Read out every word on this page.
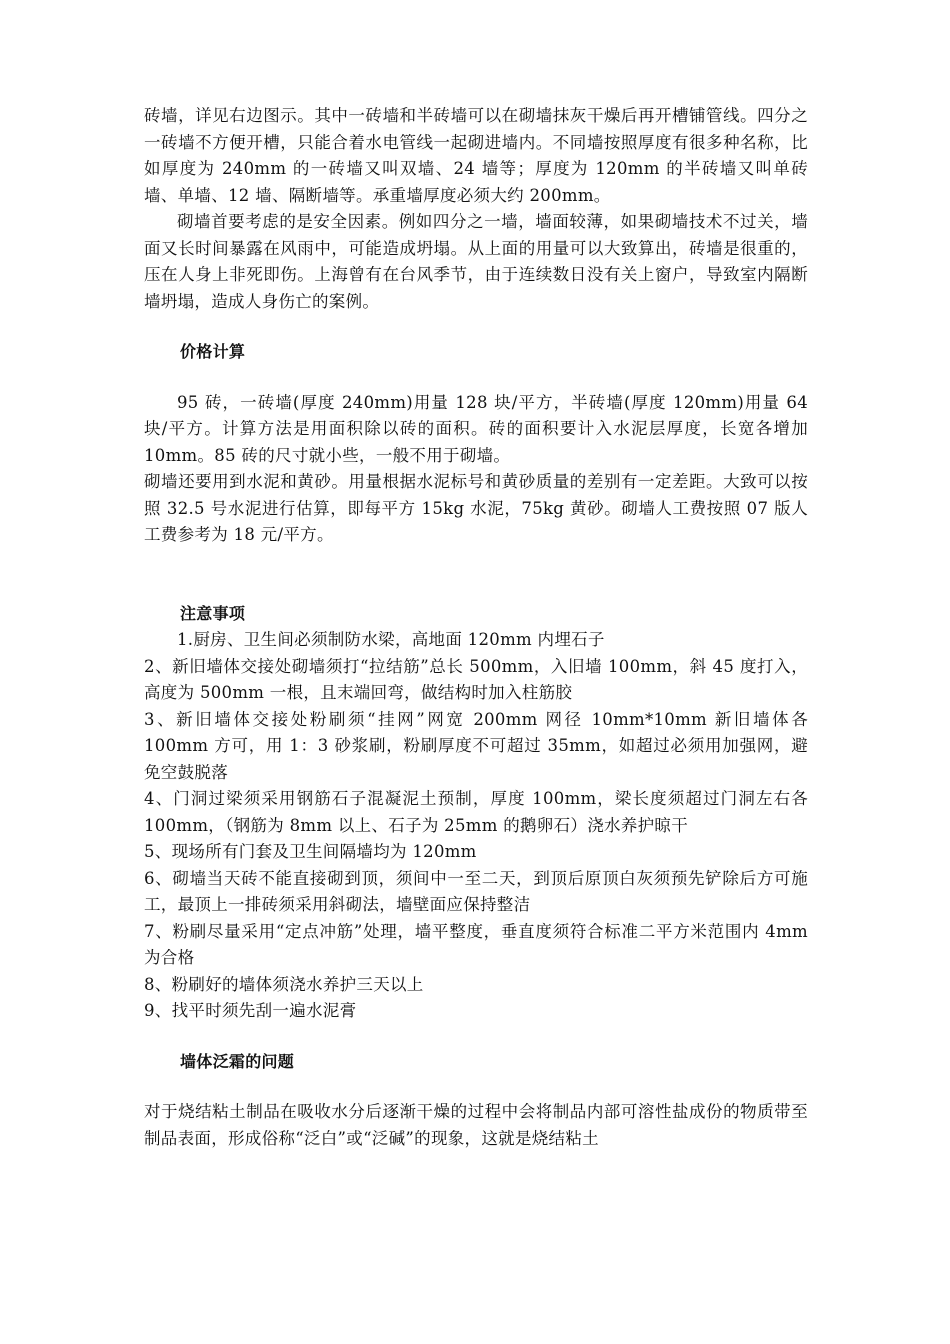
砖墙，详见右边图示。其中一砖墙和半砖墙可以在砌墙抹灰干燥后再开槽铺管线。四分之一砖墙不方便开槽，只能合着水电管线一起砌进墙内。不同墙按照厚度有很多种名称，比如厚度为 240mm 的一砖墙又叫双墙、24 墙等；厚度为 120mm 的半砖墙又叫单砖墙、单墙、12 墙、隔断墙等。承重墙厚度必须大约 200mm。

砌墙首要考虑的是安全因素。例如四分之一墙，墙面较薄，如果砌墙技术不过关，墙面又长时间暴露在风雨中，可能造成坍塌。从上面的用量可以大致算出，砖墙是很重的，压在人身上非死即伤。上海曾有在台风季节，由于连续数日没有关上窗户，导致室内隔断墙坍塌，造成人身伤亡的案例。

价格计算

95 砖，一砖墙(厚度 240mm)用量 128 块/平方，半砖墙(厚度 120mm)用量 64 块/平方。计算方法是用面积除以砖的面积。砖的面积要计入水泥层厚度，长宽各增加 10mm。85 砖的尺寸就小些，一般不用于砌墙。

砌墙还要用到水泥和黄砂。用量根据水泥标号和黄砂质量的差别有一定差距。大致可以按照 32.5 号水泥进行估算，即每平方 15kg 水泥，75kg 黄砂。砌墙人工费按照 07 版人工费参考为 18 元/平方。

注意事项

1.厨房、卫生间必须制防水梁，高地面 120mm 内埋石子

2、新旧墙体交接处砌墙须打“拉结筋”总长 500mm，入旧墙 100mm，斜 45 度打入，高度为 500mm 一根，且末端回弯，做结构时加入柱筋胶

3、新旧墙体交接处粉刷须“挂网”网宽 200mm 网径 10mm*10mm 新旧墙体各 100mm 方可，用 1：3 砂浆刷，粉刷厚度不可超过 35mm，如超过必须用加强网，避免空鼓脱落

4、门洞过梁须采用钢筋石子混凝泥土预制，厚度 100mm，梁长度须超过门洞左右各 100mm，（钢筋为 8mm 以上、石子为 25mm 的鹅卵石）浇水养护晾干

5、现场所有门套及卫生间隔墙均为 120mm

6、砌墙当天砖不能直接砌到顶，须间中一至二天，到顶后原顶白灰须预先铲除后方可施工，最顶上一排砖须采用斜砌法，墙壁面应保持整洁

7、粉刷尽量采用“定点冲筋”处理，墙平整度，垂直度须符合标准二平方米范围内 4mm 为合格

8、粉刷好的墙体须浇水养护三天以上

9、找平时须先刮一遍水泥膏

墙体泛霜的问题

对于烧结粘土制品在吸收水分后逐渐干燥的过程中会将制品内部可溶性盐成份的物质带至制品表面，形成俗称“泛白”或“泛碱”的现象，这就是烧结粘土
